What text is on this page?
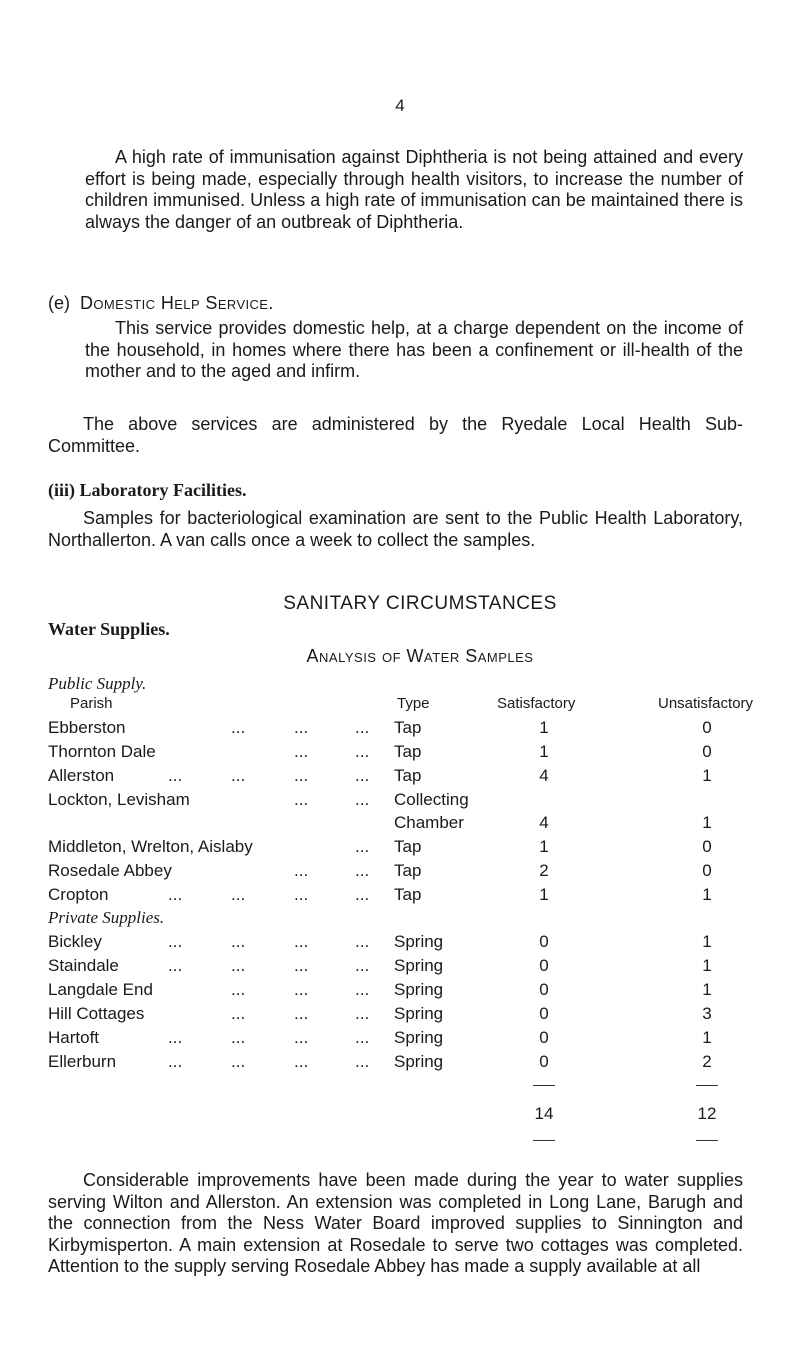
4
A high rate of immunisation against Diphtheria is not being attained and every effort is being made, especially through health visitors, to increase the number of children immunised. Unless a high rate of immunisation can be maintained there is always the danger of an outbreak of Diphtheria.
(e) Domestic Help Service.
This service provides domestic help, at a charge dependent on the income of the household, in homes where there has been a confinement or ill-health of the mother and to the aged and infirm.
The above services are administered by the Ryedale Local Health Sub-Committee.
(iii) Laboratory Facilities.
Samples for bacteriological examination are sent to the Public Health Laboratory, Northallerton. A van calls once a week to collect the samples.
SANITARY CIRCUMSTANCES
Water Supplies.
Analysis of Water Samples
Public Supply.
Parish	Type	Satisfactory	Unsatisfactory
Ebberston	...	...	... Tap	1	0
Thornton Dale	...	... Tap	1	0
Allerston	...	...	...	... Tap	4	1
Lockton, Levisham	...	... Collecting
Chamber	4	1
Middleton, Wrelton, Aislaby	... Tap	1	0
Rosedale Abbey	...	... Tap	2	0
Cropton	...	...	...	... Tap	1	1
Private Supplies.
Bickley	...	...	...	... Spring	0	1
Staindale	...	...	...	... Spring	0	1
Langdale End	...	...	... Spring	0	1
Hill Cottages	...	...	... Spring	0	3
Hartoft	...	...	...	... Spring	0	1
Ellerburn	...	...	...	... Spring	0	2
14	12
Considerable improvements have been made during the year to water supplies serving Wilton and Allerston. An extension was completed in Long Lane, Barugh and the connection from the Ness Water Board improved supplies to Sinnington and Kirbymisperton. A main extension at Rosedale to serve two cottages was completed. Attention to the supply serving Rosedale Abbey has made a supply available at all
